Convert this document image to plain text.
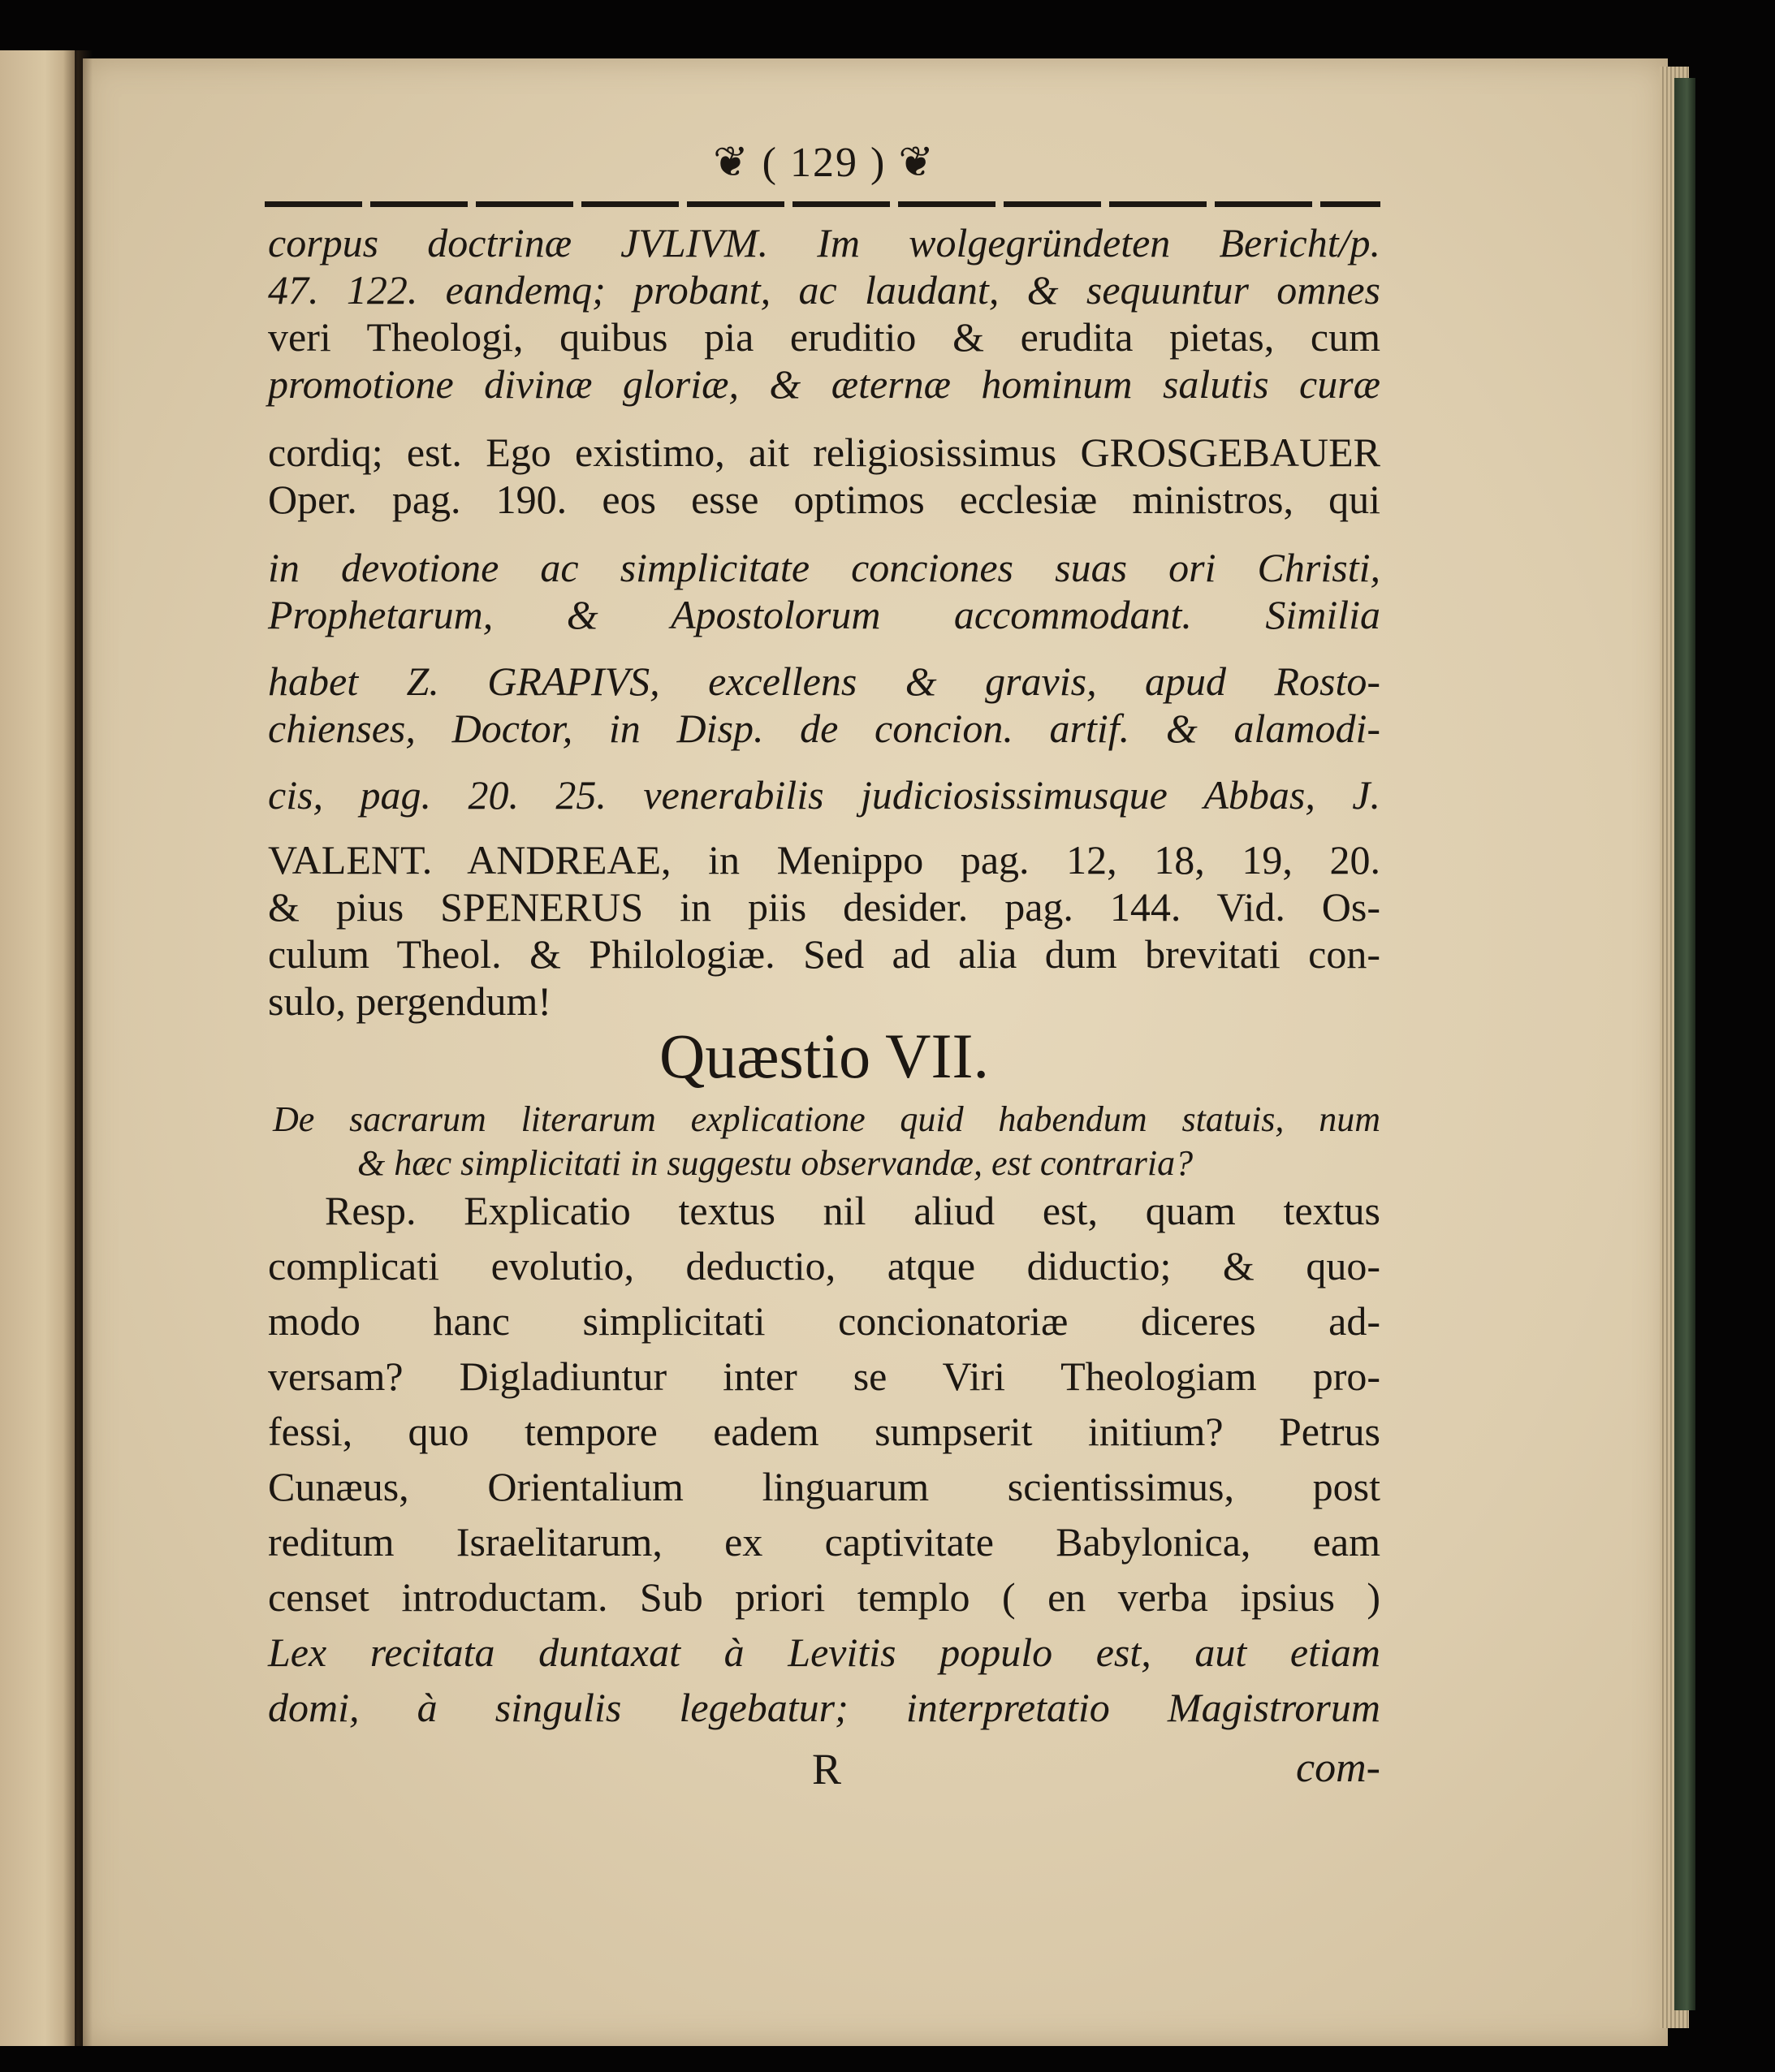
❦ ( 129 ) ❦
corpus doctrinæ JVLIVM. Im wolgegründeten Bericht/p.
47. 122. eandemq; probant, ac laudant, & sequuntur omnes
veri Theologi, quibus pia eruditio & erudita pietas, cum
promotione divinæ gloriæ, & æternæ hominum salutis curæ
cordiq; est. Ego existimo, ait religiosissimus GROSGEBAUER
Oper. pag. 190. eos esse optimos ecclesiæ ministros, qui
in devotione ac simplicitate conciones suas ori Christi,
Prophetarum, & Apostolorum accommodant. Similia
habet Z. GRAPIVS, excellens & gravis, apud Rosto-
chienses, Doctor, in Disp. de concion. artif. & alamodi-
cis, pag. 20. 25. venerabilis judiciosissimusque Abbas, J.
VALENT. ANDREAE, in Menippo pag. 12, 18, 19, 20.
& pius SPENERUS in piis desider. pag. 144. Vid. Os-
culum Theol. & Philologiæ. Sed ad alia dum brevitati con-
sulo, pergendum!
Quæstio VII.
De sacrarum literarum explicatione quid habendum statuis, num
& hæc simplicitati in suggestu observandæ, est contraria?
Resp. Explicatio textus nil aliud est, quam textus
complicati evolutio, deductio, atque diductio; & quo-
modo hanc simplicitati concionatoriæ diceres ad-
versam? Digladiuntur inter se Viri Theologiam pro-
fessi, quo tempore eadem sumpserit initium? Petrus
Cunæus, Orientalium linguarum scientissimus, post
reditum Israelitarum, ex captivitate Babylonica, eam
censet introductam. Sub priori templo ( en verba ipsius )
Lex recitata duntaxat à Levitis populo est, aut etiam
domi, à singulis legebatur; interpretatio Magistrorum
R	com-
